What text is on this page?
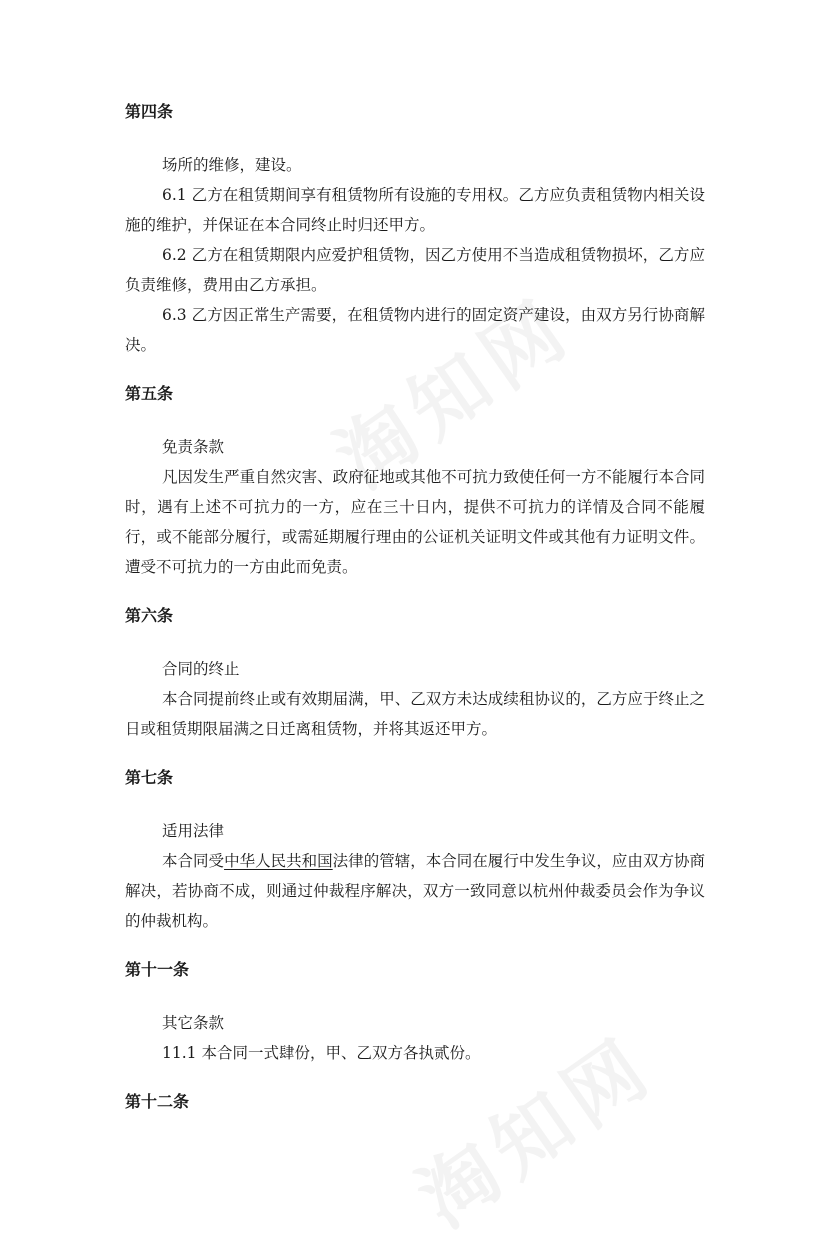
第四条

场所的维修，建设。

6.1 乙方在租赁期间享有租赁物所有设施的专用权。乙方应负责租赁物内相关设施的维护，并保证在本合同终止时归还甲方。

6.2 乙方在租赁期限内应爱护租赁物，因乙方使用不当造成租赁物损坏，乙方应负责维修，费用由乙方承担。

6.3 乙方因正常生产需要，在租赁物内进行的固定资产建设，由双方另行协商解决。

第五条

免责条款

凡因发生严重自然灾害、政府征地或其他不可抗力致使任何一方不能履行本合同时，遇有上述不可抗力的一方，应在三十日内，提供不可抗力的详情及合同不能履行，或不能部分履行，或需延期履行理由的公证机关证明文件或其他有力证明文件。遭受不可抗力的一方由此而免责。

第六条

合同的终止

本合同提前终止或有效期届满，甲、乙双方未达成续租协议的，乙方应于终止之日或租赁期限届满之日迁离租赁物，并将其返还甲方。

第七条

适用法律

本合同受中华人民共和国法律的管辖，本合同在履行中发生争议，应由双方协商解决，若协商不成，则通过仲裁程序解决，双方一致同意以杭州仲裁委员会作为争议的仲裁机构。

第十一条

其它条款

11.1 本合同一式肆份，甲、乙双方各执贰份。

第十二条
